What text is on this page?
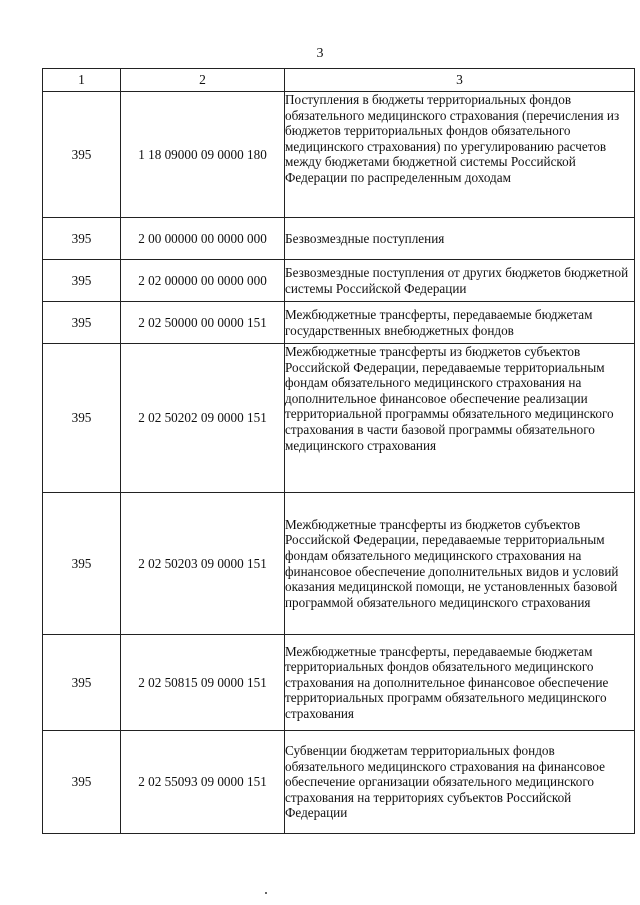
3
1	2	3
395	1 18 09000 09 0000 180	Поступления в бюджеты территориальных фондов обязательного медицинского страхования (перечисления из бюджетов территориальных фондов обязательного медицинского страхования) по урегулированию расчетов между бюджетами бюджетной системы Российской Федерации по распределенным доходам
395	2 00 00000 00 0000 000	Безвозмездные поступления
395	2 02 00000 00 0000 000	Безвозмездные поступления от других бюджетов бюджетной системы Российской Федерации
395	2 02 50000 00 0000 151	Межбюджетные трансферты, передаваемые бюджетам государственных внебюджетных фондов
395	2 02 50202 09 0000 151	Межбюджетные трансферты из бюджетов субъектов Российской Федерации, передаваемые территориальным фондам обязательного медицинского страхования на дополнительное финансовое обеспечение реализации территориальной программы обязательного медицинского страхования в части базовой программы обязательного медицинского страхования
395	2 02 50203 09 0000 151	Межбюджетные трансферты из бюджетов субъектов Российской Федерации, передаваемые территориальным фондам обязательного медицинского страхования на финансовое обеспечение дополнительных видов и условий оказания медицинской помощи, не установленных базовой программой обязательного медицинского страхования
395	2 02 50815 09 0000 151	Межбюджетные трансферты, передаваемые бюджетам территориальных фондов обязательного медицинского страхования на дополнительное финансовое обеспечение территориальных программ обязательного медицинского страхования
395	2 02 55093 09 0000 151	Субвенции бюджетам территориальных фондов обязательного медицинского страхования на финансовое обеспечение организации обязательного медицинского страхования на территориях субъектов Российской Федерации
